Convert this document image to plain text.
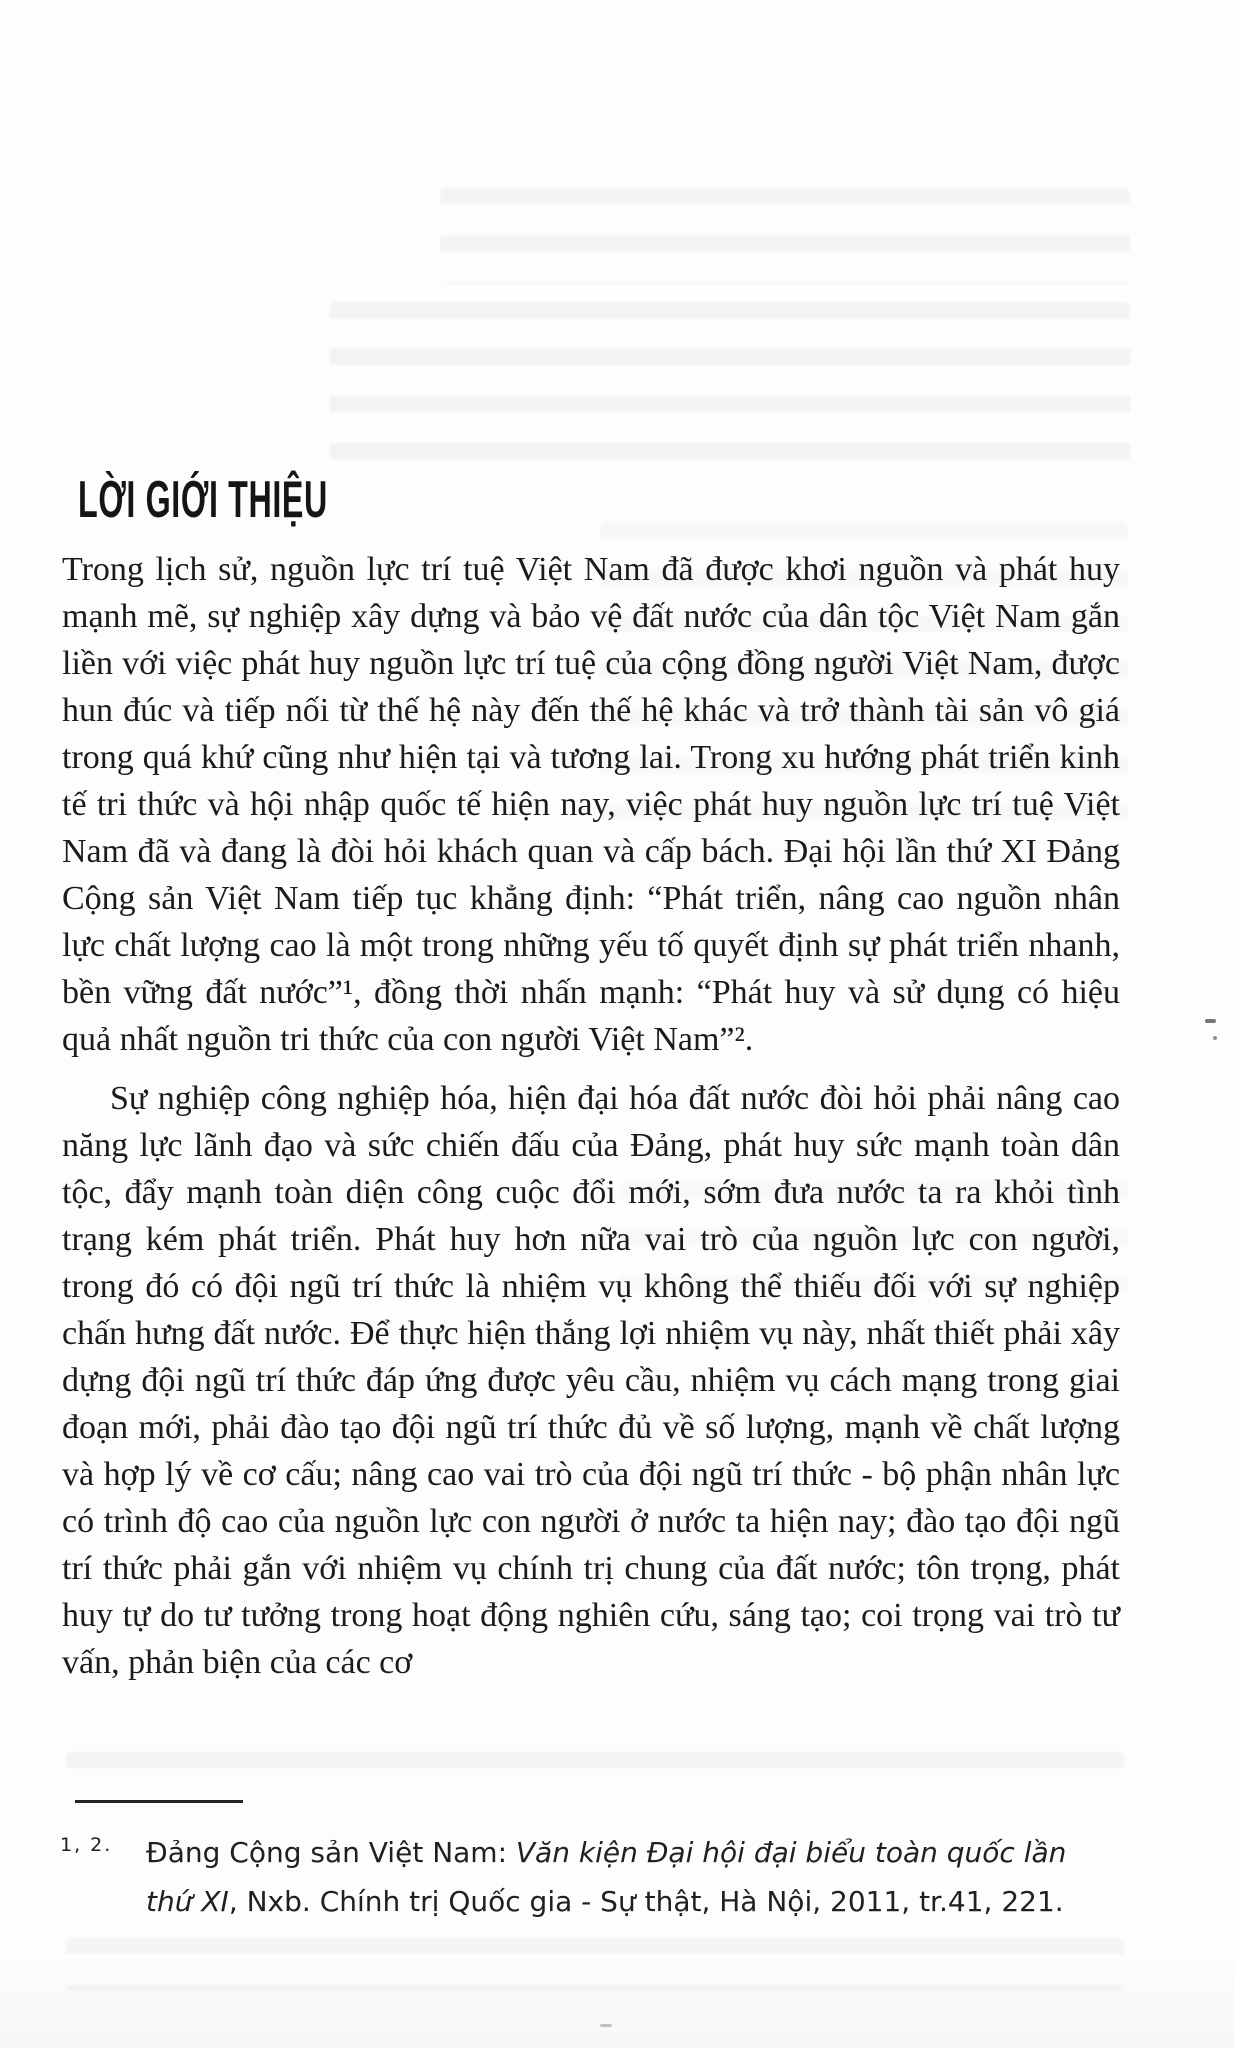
LỜI GIỚI THIỆU

Trong lịch sử, nguồn lực trí tuệ Việt Nam đã được khơi nguồn và phát huy mạnh mẽ, sự nghiệp xây dựng và bảo vệ đất nước của dân tộc Việt Nam gắn liền với việc phát huy nguồn lực trí tuệ của cộng đồng người Việt Nam, được hun đúc và tiếp nối từ thế hệ này đến thế hệ khác và trở thành tài sản vô giá trong quá khứ cũng như hiện tại và tương lai. Trong xu hướng phát triển kinh tế tri thức và hội nhập quốc tế hiện nay, việc phát huy nguồn lực trí tuệ Việt Nam đã và đang là đòi hỏi khách quan và cấp bách. Đại hội lần thứ XI Đảng Cộng sản Việt Nam tiếp tục khẳng định: “Phát triển, nâng cao nguồn nhân lực chất lượng cao là một trong những yếu tố quyết định sự phát triển nhanh, bền vững đất nước”¹, đồng thời nhấn mạnh: “Phát huy và sử dụng có hiệu quả nhất nguồn tri thức của con người Việt Nam”².

Sự nghiệp công nghiệp hóa, hiện đại hóa đất nước đòi hỏi phải nâng cao năng lực lãnh đạo và sức chiến đấu của Đảng, phát huy sức mạnh toàn dân tộc, đẩy mạnh toàn diện công cuộc đổi mới, sớm đưa nước ta ra khỏi tình trạng kém phát triển. Phát huy hơn nữa vai trò của nguồn lực con người, trong đó có đội ngũ trí thức là nhiệm vụ không thể thiếu đối với sự nghiệp chấn hưng đất nước. Để thực hiện thắng lợi nhiệm vụ này, nhất thiết phải xây dựng đội ngũ trí thức đáp ứng được yêu cầu, nhiệm vụ cách mạng trong giai đoạn mới, phải đào tạo đội ngũ trí thức đủ về số lượng, mạnh về chất lượng và hợp lý về cơ cấu; nâng cao vai trò của đội ngũ trí thức - bộ phận nhân lực có trình độ cao của nguồn lực con người ở nước ta hiện nay; đào tạo đội ngũ trí thức phải gắn với nhiệm vụ chính trị chung của đất nước; tôn trọng, phát huy tự do tư tưởng trong hoạt động nghiên cứu, sáng tạo; coi trọng vai trò tư vấn, phản biện của các cơ

1, 2.	Đảng Cộng sản Việt Nam: Văn kiện Đại hội đại biểu toàn quốc lần thứ XI, Nxb. Chính trị Quốc gia - Sự thật, Hà Nội, 2011, tr.41, 221.
